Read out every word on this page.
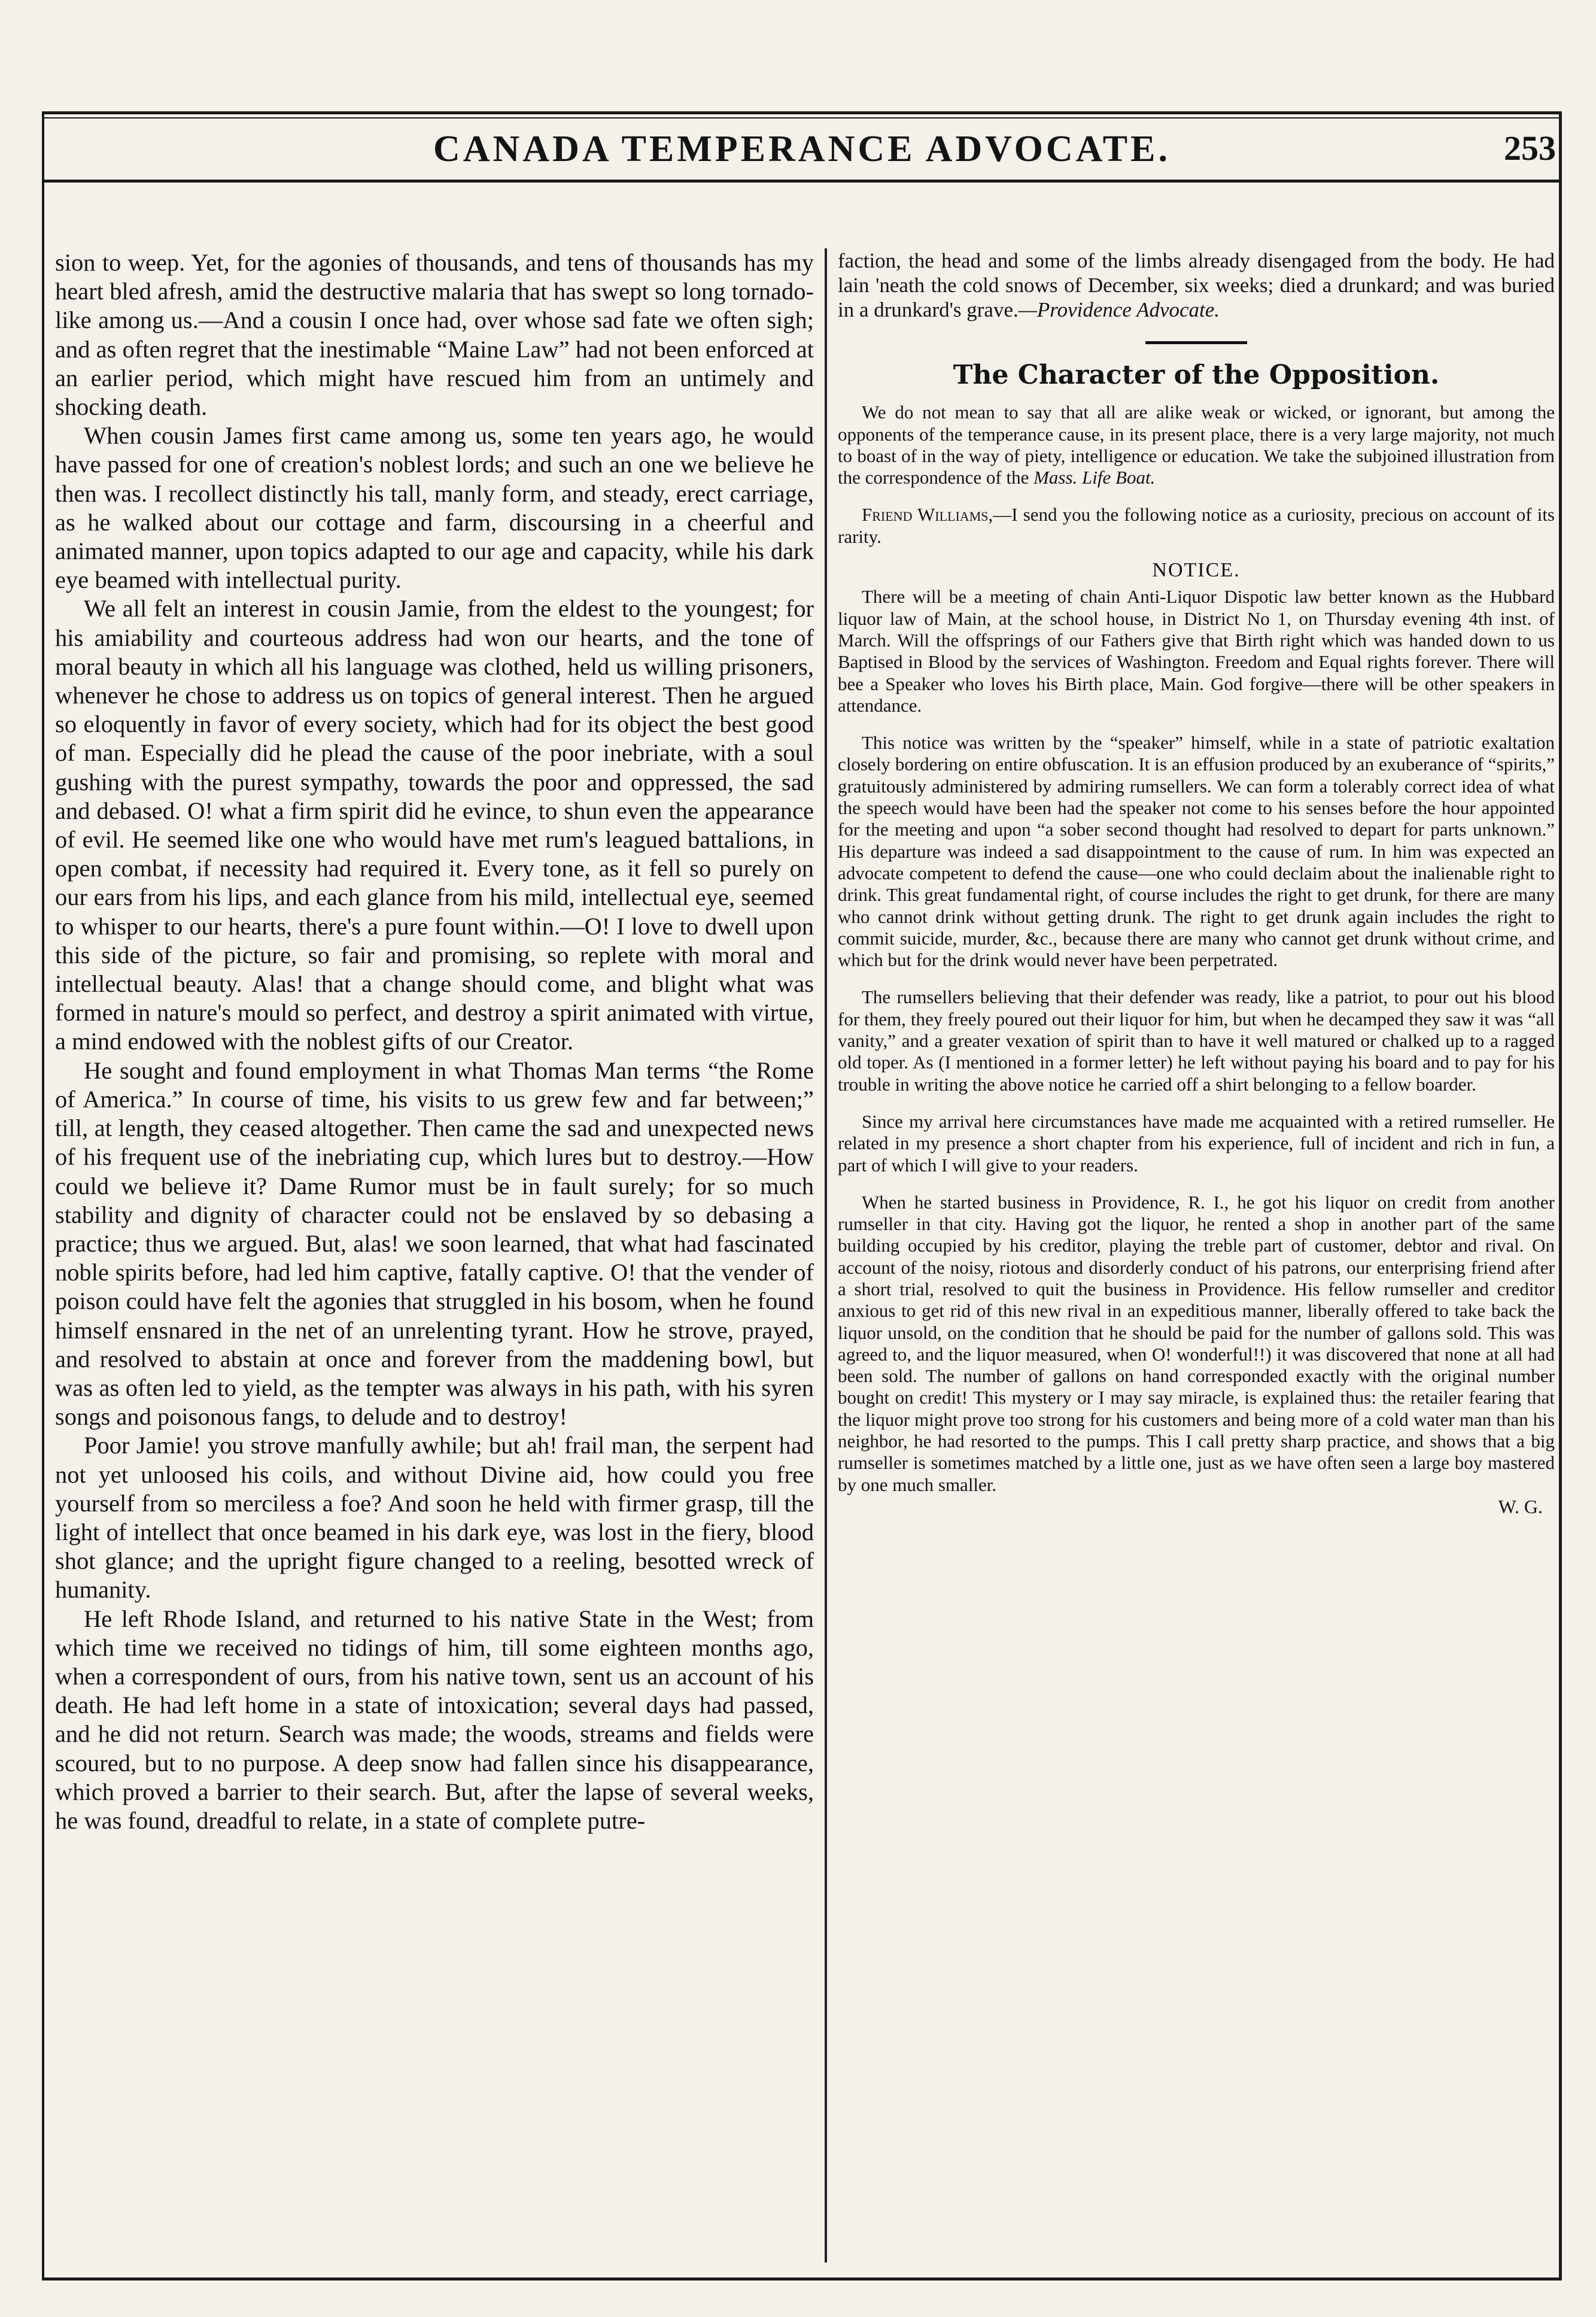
CANADA TEMPERANCE ADVOCATE.	253

sion to weep. Yet, for the agonies of thousands, and tens of thousands has my heart bled afresh, amid the destructive malaria that has swept so long tornado-like among us.—And a cousin I once had, over whose sad fate we often sigh; and as often regret that the inestimable “Maine Law” had not been enforced at an earlier period, which might have rescued him from an untimely and shocking death.

When cousin James first came among us, some ten years ago, he would have passed for one of creation's noblest lords; and such an one we believe he then was. I recollect distinctly his tall, manly form, and steady, erect carriage, as he walked about our cottage and farm, discoursing in a cheerful and animated manner, upon topics adapted to our age and capacity, while his dark eye beamed with intellectual purity.

We all felt an interest in cousin Jamie, from the eldest to the youngest; for his amiability and courteous address had won our hearts, and the tone of moral beauty in which all his language was clothed, held us willing prisoners, whenever he chose to address us on topics of general interest. Then he argued so eloquently in favor of every society, which had for its object the best good of man. Especially did he plead the cause of the poor inebriate, with a soul gushing with the purest sympathy, towards the poor and oppressed, the sad and debased. O! what a firm spirit did he evince, to shun even the appearance of evil. He seemed like one who would have met rum's leagued battalions, in open combat, if necessity had required it. Every tone, as it fell so purely on our ears from his lips, and each glance from his mild, intellectual eye, seemed to whisper to our hearts, there's a pure fount within.—O! I love to dwell upon this side of the picture, so fair and promising, so replete with moral and intellectual beauty. Alas! that a change should come, and blight what was formed in nature's mould so perfect, and destroy a spirit animated with virtue, a mind endowed with the noblest gifts of our Creator.

He sought and found employment in what Thomas Man terms “the Rome of America.” In course of time, his visits to us grew few and far between;” till, at length, they ceased altogether. Then came the sad and unexpected news of his frequent use of the inebriating cup, which lures but to destroy.—How could we believe it? Dame Rumor must be in fault surely; for so much stability and dignity of character could not be enslaved by so debasing a practice; thus we argued. But, alas! we soon learned, that what had fascinated noble spirits before, had led him captive, fatally captive. O! that the vender of poison could have felt the agonies that struggled in his bosom, when he found himself ensnared in the net of an unrelenting tyrant. How he strove, prayed, and resolved to abstain at once and forever from the maddening bowl, but was as often led to yield, as the tempter was always in his path, with his syren songs and poisonous fangs, to delude and to destroy!

Poor Jamie! you strove manfully awhile; but ah! frail man, the serpent had not yet unloosed his coils, and without Divine aid, how could you free yourself from so merciless a foe? And soon he held with firmer grasp, till the light of intellect that once beamed in his dark eye, was lost in the fiery, blood shot glance; and the upright figure changed to a reeling, besotted wreck of humanity.

He left Rhode Island, and returned to his native State in the West; from which time we received no tidings of him, till some eighteen months ago, when a correspondent of ours, from his native town, sent us an account of his death. He had left home in a state of intoxication; several days had passed, and he did not return. Search was made; the woods, streams and fields were scoured, but to no purpose. A deep snow had fallen since his disappearance, which proved a barrier to their search. But, after the lapse of several weeks, he was found, dreadful to relate, in a state of complete putre-

faction, the head and some of the limbs already disengaged from the body. He had lain 'neath the cold snows of December, six weeks; died a drunkard; and was buried in a drunkard's grave.—Providence Advocate.

The Character of the Opposition.

We do not mean to say that all are alike weak or wicked, or ignorant, but among the opponents of the temperance cause, in its present place, there is a very large majority, not much to boast of in the way of piety, intelligence or education. We take the subjoined illustration from the correspondence of the Mass. Life Boat.

Friend Williams,—I send you the following notice as a curiosity, precious on account of its rarity.

NOTICE.

There will be a meeting of chain Anti-Liquor Dispotic law better known as the Hubbard liquor law of Main, at the school house, in District No 1, on Thursday evening 4th inst. of March. Will the offsprings of our Fathers give that Birth right which was handed down to us Baptised in Blood by the services of Washington. Freedom and Equal rights forever. There will bee a Speaker who loves his Birth place, Main. God forgive—there will be other speakers in attendance.

This notice was written by the “speaker” himself, while in a state of patriotic exaltation closely bordering on entire obfuscation. It is an effusion produced by an exuberance of “spirits,” gratuitously administered by admiring rumsellers. We can form a tolerably correct idea of what the speech would have been had the speaker not come to his senses before the hour appointed for the meeting and upon “a sober second thought had resolved to depart for parts unknown.” His departure was indeed a sad disappointment to the cause of rum. In him was expected an advocate competent to defend the cause—one who could declaim about the inalienable right to drink. This great fundamental right, of course includes the right to get drunk, for there are many who cannot drink without getting drunk. The right to get drunk again includes the right to commit suicide, murder, &c., because there are many who cannot get drunk without crime, and which but for the drink would never have been perpetrated.

The rumsellers believing that their defender was ready, like a patriot, to pour out his blood for them, they freely poured out their liquor for him, but when he decamped they saw it was “all vanity,” and a greater vexation of spirit than to have it well matured or chalked up to a ragged old toper. As (I mentioned in a former letter) he left without paying his board and to pay for his trouble in writing the above notice he carried off a shirt belonging to a fellow boarder.

Since my arrival here circumstances have made me acquainted with a retired rumseller. He related in my presence a short chapter from his experience, full of incident and rich in fun, a part of which I will give to your readers.

When he started business in Providence, R. I., he got his liquor on credit from another rumseller in that city. Having got the liquor, he rented a shop in another part of the same building occupied by his creditor, playing the treble part of customer, debtor and rival. On account of the noisy, riotous and disorderly conduct of his patrons, our enterprising friend after a short trial, resolved to quit the business in Providence. His fellow rumseller and creditor anxious to get rid of this new rival in an expeditious manner, liberally offered to take back the liquor unsold, on the condition that he should be paid for the number of gallons sold. This was agreed to, and the liquor measured, when O! wonderful!!) it was discovered that none at all had been sold. The number of gallons on hand corresponded exactly with the original number bought on credit! This mystery or I may say miracle, is explained thus: the retailer fearing that the liquor might prove too strong for his customers and being more of a cold water man than his neighbor, he had resorted to the pumps. This I call pretty sharp practice, and shows that a big rumseller is sometimes matched by a little one, just as we have often seen a large boy mastered by one much smaller.

W. G.
